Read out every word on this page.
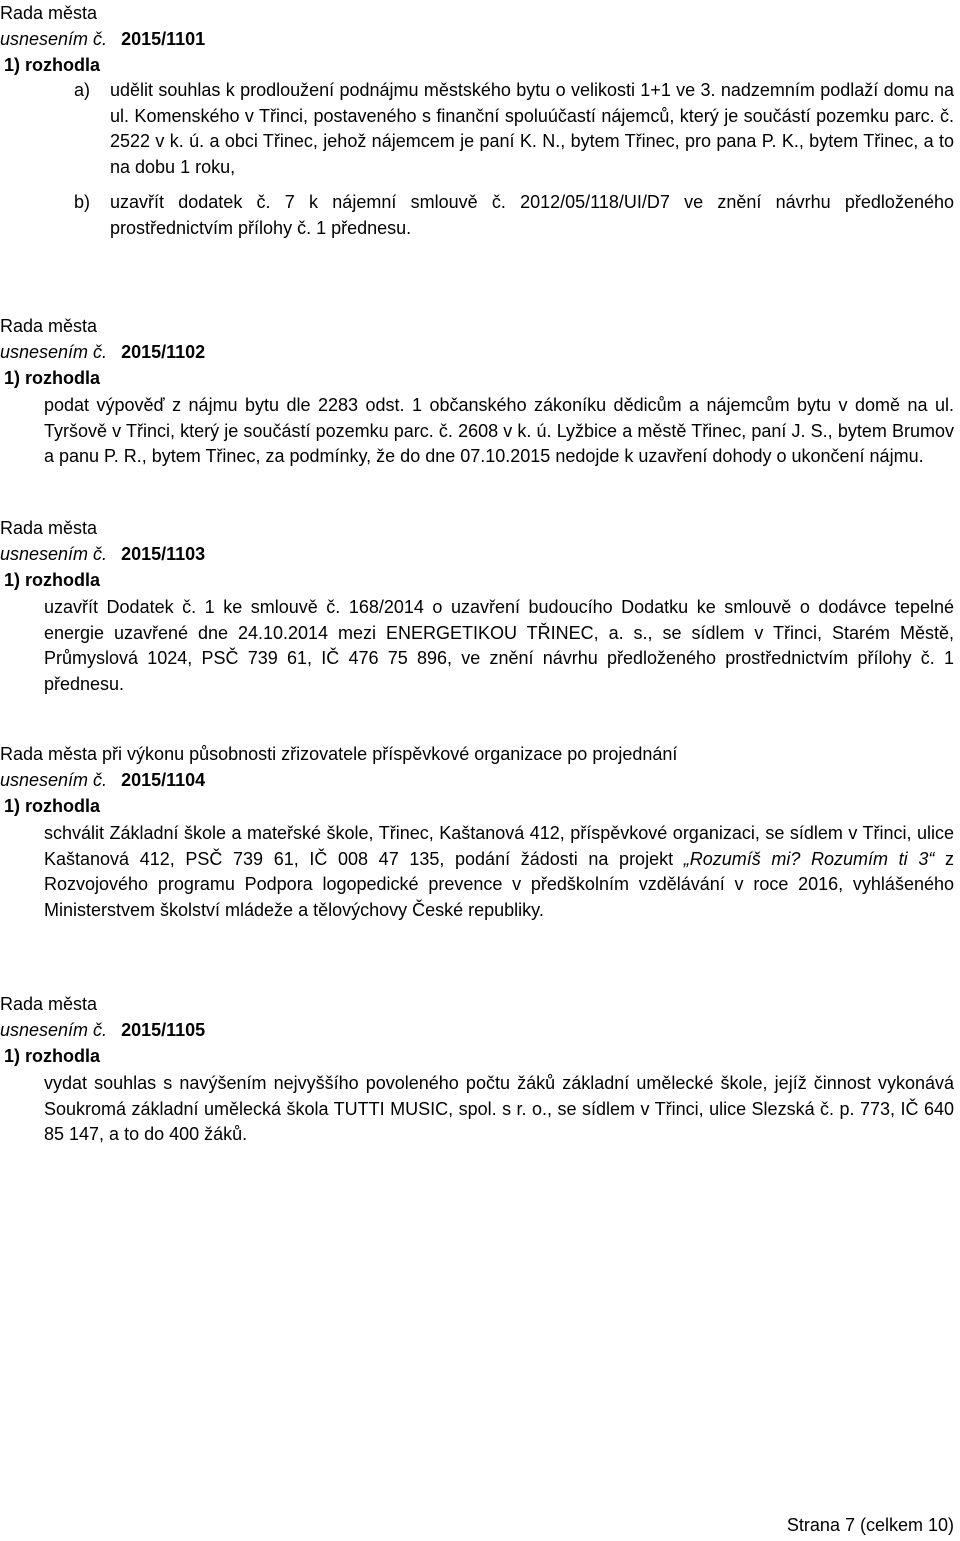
Rada města
usnesením č. 2015/1101
1) rozhodla
a)	udělit souhlas k prodloužení podnájmu městského bytu o velikosti 1+1 ve 3. nadzemním podlaží domu na ul. Komenského v Třinci, postaveného s finanční spoluúčastí nájemců, který je součástí pozemku parc. č. 2522 v k. ú. a obci Třinec, jehož nájemcem je paní K. N., bytem Třinec, pro pana P. K., bytem Třinec, a to na dobu 1 roku,
b)	uzavřít dodatek č. 7 k nájemní smlouvě č. 2012/05/118/UI/D7 ve znění návrhu předloženého prostřednictvím přílohy č. 1 přednesu.
Rada města
usnesením č. 2015/1102
1) rozhodla
podat výpověď z nájmu bytu dle 2283 odst. 1 občanského zákoníku dědicům a nájemcům bytu v domě na ul. Tyršově v Třinci, který je součástí pozemku parc. č. 2608 v k. ú. Lyžbice a městě Třinec, paní J. S., bytem Brumov a panu P. R., bytem Třinec, za podmínky, že do dne 07.10.2015 nedojde k uzavření dohody o ukončení nájmu.
Rada města
usnesením č. 2015/1103
1) rozhodla
uzavřít Dodatek č. 1 ke smlouvě č. 168/2014 o uzavření budoucího Dodatku ke smlouvě o dodávce tepelné energie uzavřené dne 24.10.2014 mezi ENERGETIKOU TŘINEC, a. s., se sídlem v Třinci, Starém Městě, Průmyslová 1024, PSČ 739 61, IČ 476 75 896, ve znění návrhu předloženého prostřednictvím přílohy č. 1 přednesu.
Rada města při výkonu působnosti zřizovatele příspěvkové organizace po projednání
usnesením č. 2015/1104
1) rozhodla
schválit Základní škole a mateřské škole, Třinec, Kaštanová 412, příspěvkové organizaci, se sídlem v Třinci, ulice Kaštanová 412, PSČ 739 61, IČ 008 47 135, podání žádosti na projekt „Rozumíš mi? Rozumím ti 3“ z Rozvojového programu Podpora logopedické prevence v předškolním vzdělávání v roce 2016, vyhlášeného Ministerstvem školství mládeže a tělovýchovy České republiky.
Rada města
usnesením č. 2015/1105
1) rozhodla
vydat souhlas s navýšením nejvyššího povoleného počtu žáků základní umělecké škole, jejíž činnost vykonává Soukromá základní umělecká škola TUTTI MUSIC, spol. s r. o., se sídlem v Třinci, ulice Slezská č. p. 773, IČ 640 85 147, a to do 400 žáků.
Strana 7 (celkem 10)
